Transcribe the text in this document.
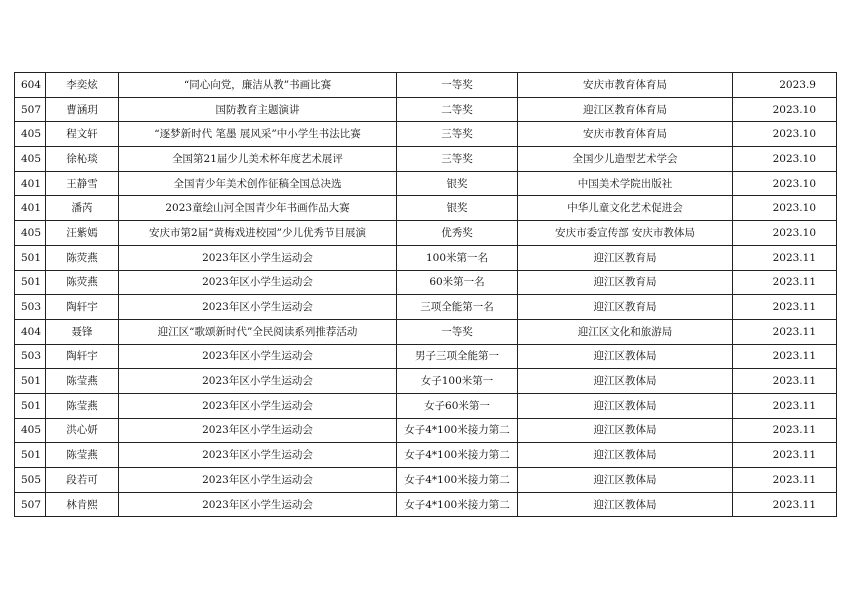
604	李奕炫	“同心向党，廉洁从教”书画比赛	一等奖	安庆市教育体育局	2023.9
507	曹涵玥	国防教育主题演讲	二等奖	迎江区教育体育局	2023.10
405	程文轩	“逐梦新时代 笔墨 展风采”中小学生书法比赛	三等奖	安庆市教育体育局	2023.10
405	徐杺琰	全国第21届少儿美术杯年度艺术展评	三等奖	全国少儿造型艺术学会	2023.10
401	王静雪	全国青少年美术创作征稿全国总决选	银奖	中国美术学院出版社	2023.10
401	潘芮	2023童绘山河全国青少年书画作品大赛	银奖	中华儿童文化艺术促进会	2023.10
405	汪紫嫣	安庆市第2届“黄梅戏进校园”少儿优秀节目展演	优秀奖	安庆市委宣传部 安庆市教体局	2023.10
501	陈荧燕	2023年区小学生运动会	100米第一名	迎江区教育局	2023.11
501	陈荧燕	2023年区小学生运动会	60米第一名	迎江区教育局	2023.11
503	陶轩宇	2023年区小学生运动会	三项全能第一名	迎江区教育局	2023.11
404	聂锋	迎江区“歌颂新时代”全民阅读系列推荐活动	一等奖	迎江区文化和旅游局	2023.11
503	陶轩宇	2023年区小学生运动会	男子三项全能第一	迎江区教体局	2023.11
501	陈莹燕	2023年区小学生运动会	女子100米第一	迎江区教体局	2023.11
501	陈莹燕	2023年区小学生运动会	女子60米第一	迎江区教体局	2023.11
405	洪心妍	2023年区小学生运动会	女子4*100米接力第二	迎江区教体局	2023.11
501	陈莹燕	2023年区小学生运动会	女子4*100米接力第二	迎江区教体局	2023.11
505	段若可	2023年区小学生运动会	女子4*100米接力第二	迎江区教体局	2023.11
507	林肯熙	2023年区小学生运动会	女子4*100米接力第二	迎江区教体局	2023.11
